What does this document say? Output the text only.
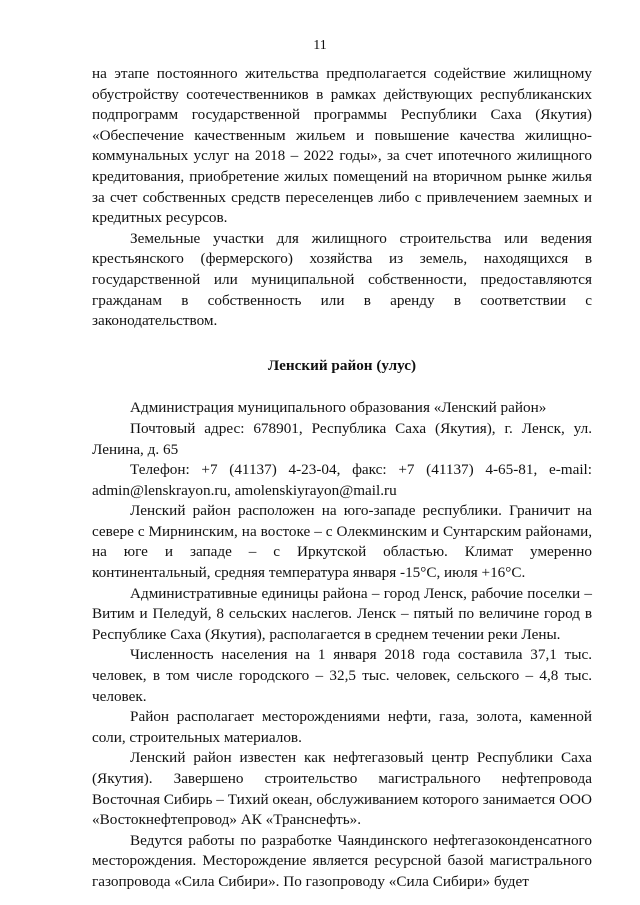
11

на этапе постоянного жительства предполагается содействие жилищному обустройству соотечественников в рамках действующих республиканских подпрограмм государственной программы Республики Саха (Якутия) «Обеспечение качественным жильем и повышение качества жилищно-коммунальных услуг на 2018 – 2022 годы», за счет ипотечного жилищного кредитования, приобретение жилых помещений на вторичном рынке жилья за счет собственных средств переселенцев либо с привлечением заемных и кредитных ресурсов.

Земельные участки для жилищного строительства или ведения крестьянского (фермерского) хозяйства из земель, находящихся в государственной или муниципальной собственности, предоставляются гражданам в собственность или в аренду в соответствии с законодательством.

Ленский район (улус)

Администрация муниципального образования «Ленский район»

Почтовый адрес: 678901, Республика Саха (Якутия), г. Ленск, ул. Ленина, д. 65

Телефон: +7 (41137) 4-23-04, факс: +7 (41137) 4-65-81, e-mail: admin@lenskrayon.ru, amolenskiyrayon@mail.ru

Ленский район расположен на юго-западе республики. Граничит на севере с Мирнинским, на востоке – с Олекминским и Сунтарским районами, на юге и западе – с Иркутской областью. Климат умеренно континентальный, средняя температура января -15°С, июля +16°С.

Административные единицы района – город Ленск, рабочие поселки – Витим и Пеледуй, 8 сельских наслегов. Ленск – пятый по величине город в Республике Саха (Якутия), располагается в среднем течении реки Лены.

Численность населения на 1 января 2018 года составила 37,1 тыс. человек, в том числе городского – 32,5 тыс. человек, сельского – 4,8 тыс. человек.

Район располагает месторождениями нефти, газа, золота, каменной соли, строительных материалов.

Ленский район известен как нефтегазовый центр Республики Саха (Якутия). Завершено строительство магистрального нефтепровода Восточная Сибирь – Тихий океан, обслуживанием которого занимается ООО «Востокнефтепровод» АК «Транснефть».

Ведутся работы по разработке Чаяндинского нефтегазоконденсатного месторождения. Месторождение является ресурсной базой магистрального газопровода «Сила Сибири». По газопроводу «Сила Сибири» будет
